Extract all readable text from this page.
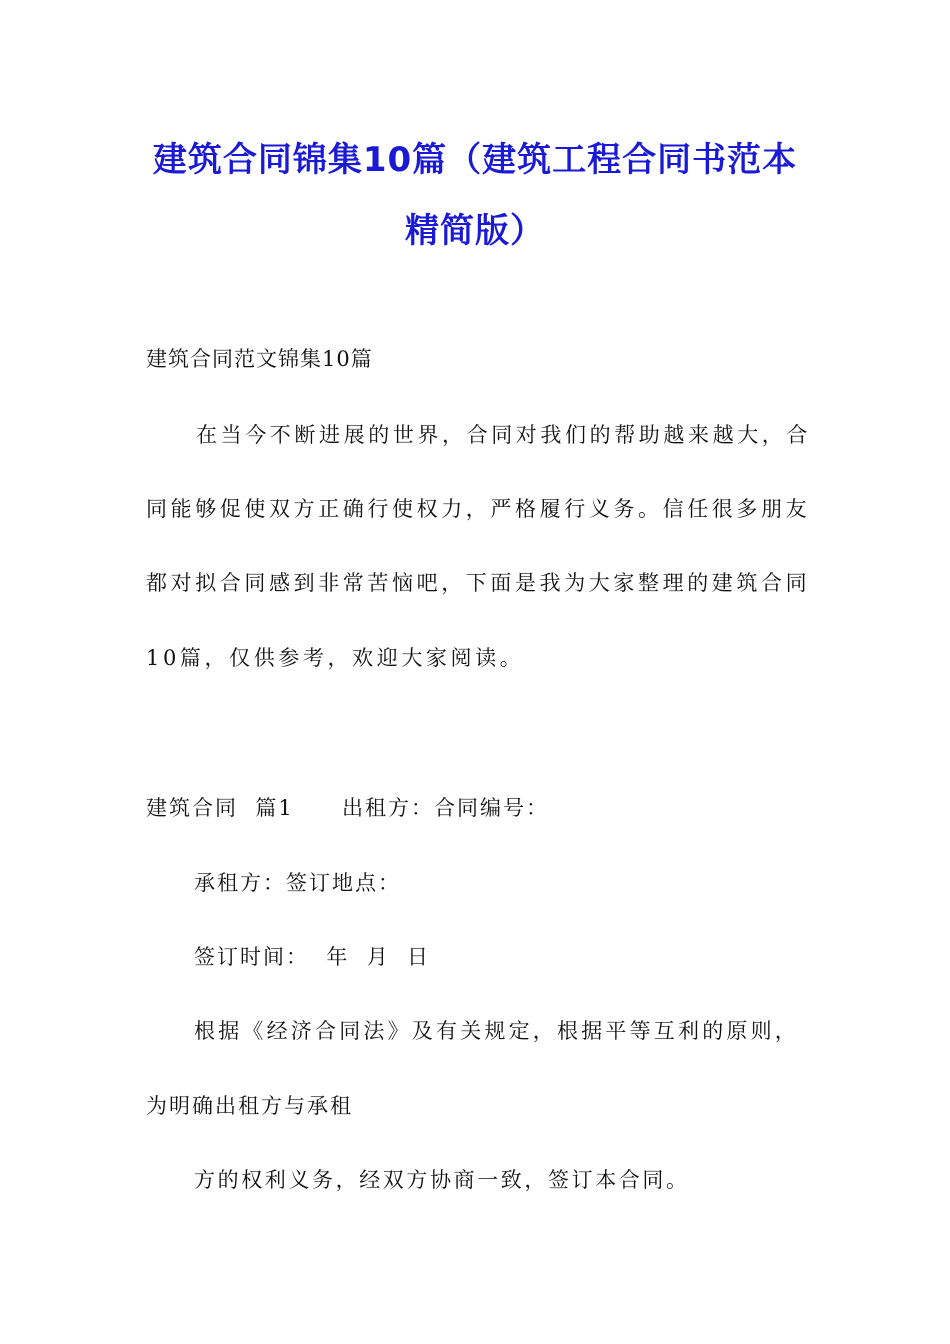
建筑合同锦集10篇（建筑工程合同书范本
精简版）
建筑合同范文锦集10篇
在当今不断进展的世界，合同对我们的帮助越来越大，合
同能够促使双方正确行使权力，严格履行义务。信任很多朋友
都对拟合同感到非常苦恼吧，下面是我为大家整理的建筑合同
10篇，仅供参考，欢迎大家阅读。
建筑合同  篇1 出租方：合同编号：
承租方：签订地点：
签订时间：  年  月  日
根据《经济合同法》及有关规定，根据平等互利的原则，
为明确出租方与承租
方的权利义务，经双方协商一致，签订本合同。
